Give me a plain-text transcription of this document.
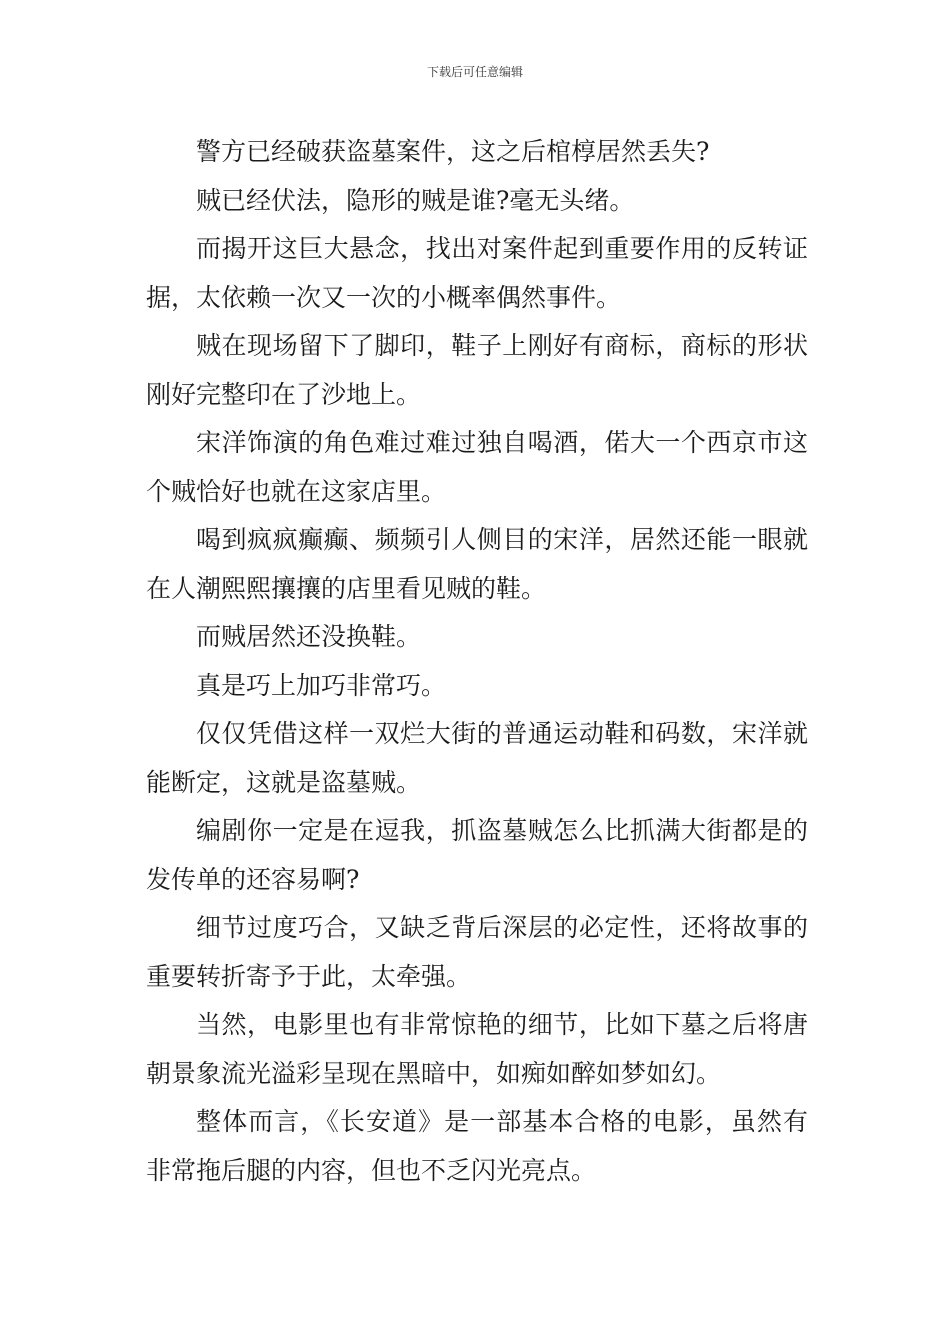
下载后可任意编辑

警方已经破获盗墓案件，这之后棺椁居然丢失?

贼已经伏法，隐形的贼是谁?毫无头绪。

而揭开这巨大悬念，找出对案件起到重要作用的反转证据，太依赖一次又一次的小概率偶然事件。

贼在现场留下了脚印，鞋子上刚好有商标，商标的形状刚好完整印在了沙地上。

宋洋饰演的角色难过难过独自喝酒，偌大一个西京市这个贼恰好也就在这家店里。

喝到疯疯癫癫、频频引人侧目的宋洋，居然还能一眼就在人潮熙熙攘攘的店里看见贼的鞋。

而贼居然还没换鞋。

真是巧上加巧非常巧。

仅仅凭借这样一双烂大街的普通运动鞋和码数，宋洋就能断定，这就是盗墓贼。

编剧你一定是在逗我，抓盗墓贼怎么比抓满大街都是的发传单的还容易啊?

细节过度巧合，又缺乏背后深层的必定性，还将故事的重要转折寄予于此，太牵强。

当然，电影里也有非常惊艳的细节，比如下墓之后将唐朝景象流光溢彩呈现在黑暗中，如痴如醉如梦如幻。

整体而言，《长安道》是一部基本合格的电影，虽然有非常拖后腿的内容，但也不乏闪光亮点。
